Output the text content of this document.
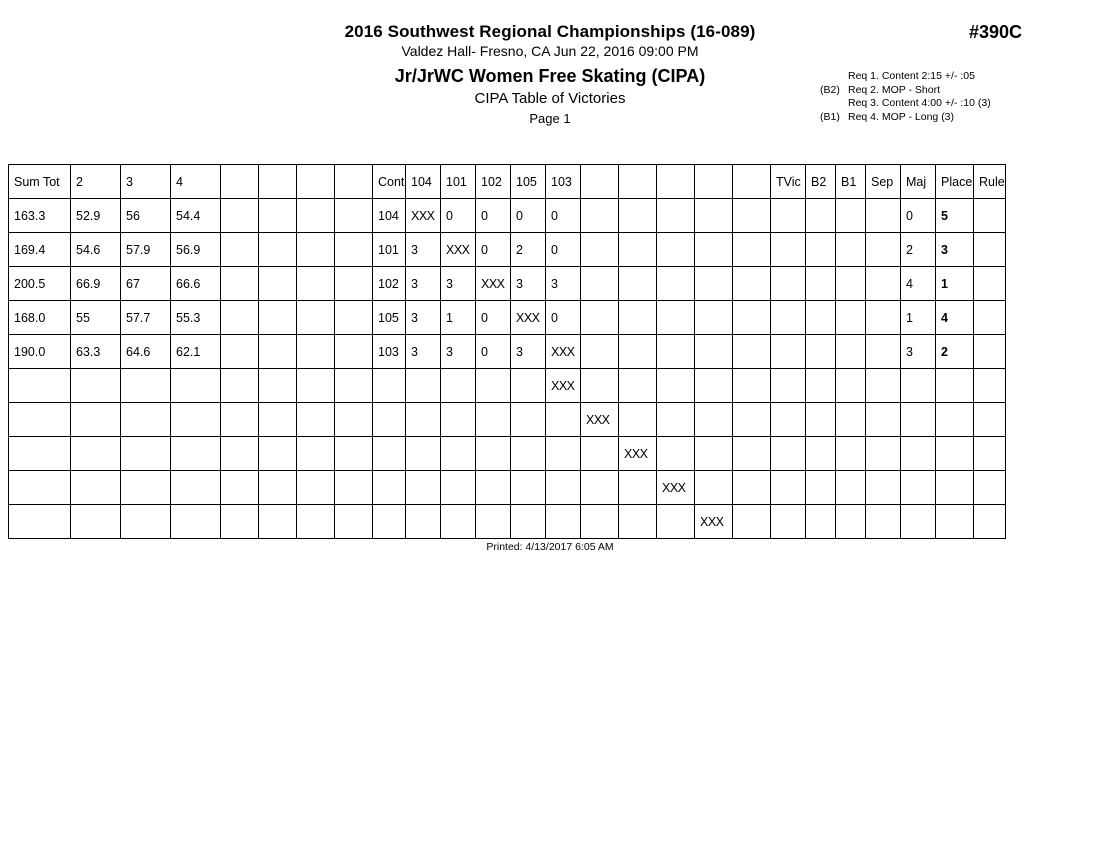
2016 Southwest Regional Championships (16-089)
Valdez Hall- Fresno, CA Jun 22, 2016 09:00 PM
Jr/JrWC Women Free Skating (CIPA)
CIPA Table of Victories
Page 1
#390C
Req 1. Content 2:15 +/- :05
(B2) Req 2. MOP - Short
Req 3. Content 4:00 +/- :10 (3)
(B1) Req 4. MOP - Long (3)
Sum Tot	2	3	4					Cont	104	101	102	105	103						TVic	B2	B1	Sep	Maj	Place	Rule
163.3	52.9	56	54.4					104	XXX	0	0	0	0										0	5	
169.4	54.6	57.9	56.9					101	3	XXX	0	2	0										2	3	
200.5	66.9	67	66.6					102	3	3	XXX	3	3										4	1	
168.0	55	57.7	55.3					105	3	1	0	XXX	0										1	4	
190.0	63.3	64.6	62.1					103	3	3	0	3	XXX										3	2	
													XXX												
														XXX											
															XXX										
																XXX									
																	XXX								
Printed: 4/13/2017 6:05 AM
